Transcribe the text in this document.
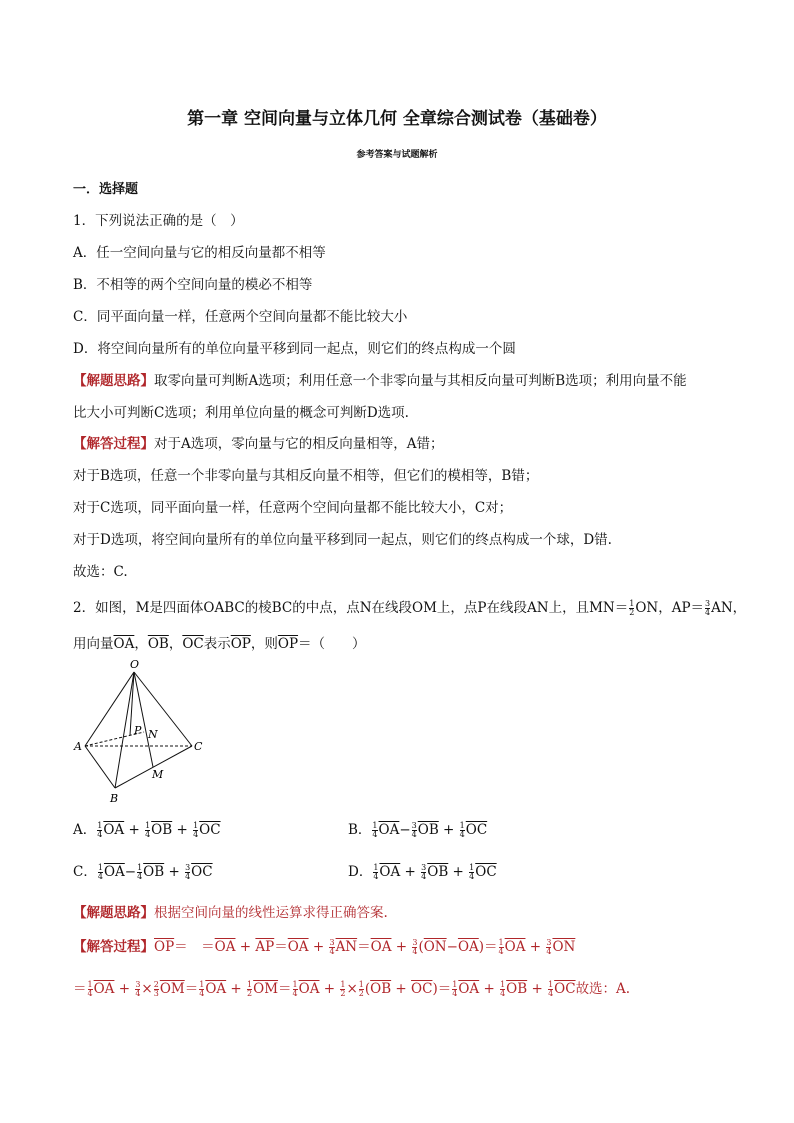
第一章 空间向量与立体几何 全章综合测试卷（基础卷）
参考答案与试题解析
一．选择题
1．下列说法正确的是（　）
A．任一空间向量与它的相反向量都不相等
B．不相等的两个空间向量的模必不相等
C．同平面向量一样，任意两个空间向量都不能比较大小
D．将空间向量所有的单位向量平移到同一起点，则它们的终点构成一个圆
【解题思路】取零向量可判断A选项；利用任意一个非零向量与其相反向量可判断B选项；利用向量不能
比大小可判断C选项；利用单位向量的概念可判断D选项.
【解答过程】对于A选项，零向量与它的相反向量相等，A错；
对于B选项，任意一个非零向量与其相反向量不相等，但它们的模相等，B错；
对于C选项，同平面向量一样，任意两个空间向量都不能比较大小，C对；
对于D选项，将空间向量所有的单位向量平移到同一起点，则它们的终点构成一个球，D错.
故选：C.
2．如图，M是四面体OABC的棱BC的中点，点N在线段OM上，点P在线段AN上，且$MN= \frac{1}{2}$ ON，$AP= \frac{3}{4}$ AN，
用向量$\overline{OA}$，$\overline{OB}$，$\overline{OC}$表示$\overline{OP}$，则$\overline{OP}=$（　　）
O
A
B
C
M
N
P
A． $\frac{1}{4} \overline{OA} + \frac{1}{4} \overline{OB} + \frac{1}{4} \overline{OC}$	B． $\frac{1}{4} \overline{OA}- \frac{3}{4} \overline{OB} + \frac{1}{4} \overline{OC}$
C． $\frac{1}{4} \overline{OA}- \frac{1}{4} \overline{OB} + \frac{3}{4} \overline{OC}$	D． $\frac{1}{4} \overline{OA} + \frac{3}{4} \overline{OB} + \frac{1}{4} \overline{OC}$
【解题思路】根据空间向量的线性运算求得正确答案.
【解答过程】$\overline{OP}=$　$=\overline{OA} + \overline{AP}=\overline{OA} + \frac{3}{4} \overline{AN}=\overline{OA} + \frac{3}{4} (\overline{ON}-\overline{OA})= \frac{1}{4} \overline{OA} + \frac{3}{4} \overline{ON}$
＝ $\frac{1}{4} \overline{OA} + \frac{3}{4} \times \frac{2}{3} \overline{OM}= \frac{1}{4} \overline{OA} + \frac{1}{2} \overline{OM}= \frac{1}{4} \overline{OA} + \frac{1}{2} \times \frac{1}{2} (\overline{OB} + \overline{OC})= \frac{1}{4} \overline{OA} + \frac{1}{4} \overline{OB} + \frac{1}{4} \overline{OC}$故选：A.
